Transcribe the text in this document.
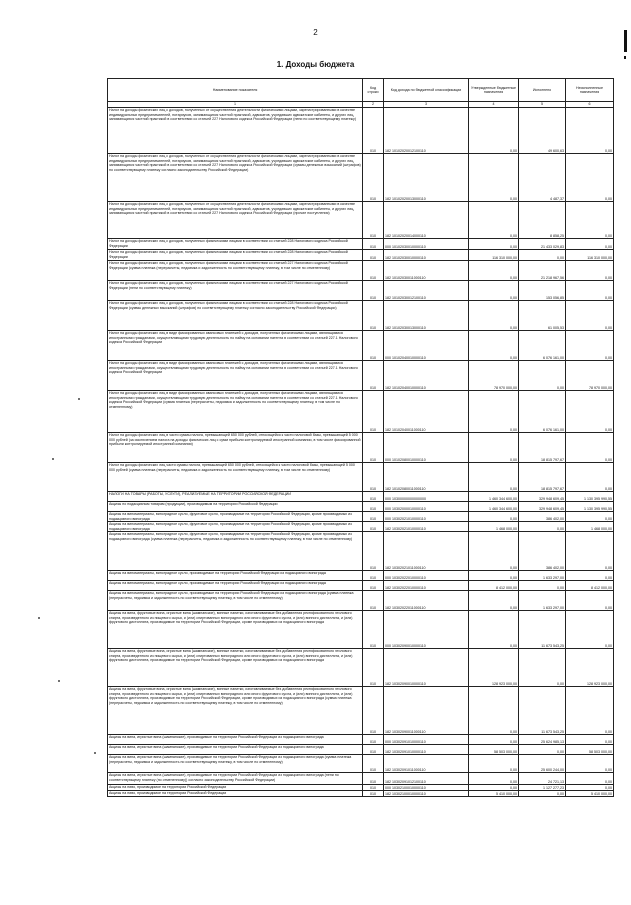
2
1. Доходы бюджета
Наименование показателя	Код строки	Код дохода по бюджетной классификации	Утвержденные бюджетные назначения	Исполнено	Неисполненные назначения
1	2	3	4	5	6
Налог на доходы физических лиц с доходов, полученных от осуществления деятельности физическими лицами, зарегистрированными в качестве индивидуальных предпринимателей, нотариусов, занимающихся частной практикой, адвокатов, учредивших адвокатские кабинеты, и других лиц, занимающихся частной практикой в соответствии со статьей 227 Налогового кодекса Российской Федерации (пени по соответствующему платежу)	010	182 10102020012100110	0,00	49 600,63	0,00
Налог на доходы физических лиц с доходов, полученных от осуществления деятельности физическими лицами, зарегистрированными в качестве индивидуальных предпринимателей, нотариусов, занимающихся частной практикой, адвокатов, учредивших адвокатские кабинеты, и других лиц, занимающихся частной практикой в соответствии со статьей 227 Налогового кодекса Российской Федерации (суммы денежных взысканий (штрафов) по соответствующему платежу согласно законодательству Российской Федерации)	010	182 10102020013000110	0,00	4 487,37	0,00
Налог на доходы физических лиц с доходов, полученных от осуществления деятельности физическими лицами, зарегистрированными в качестве индивидуальных предпринимателей, нотариусов, занимающихся частной практикой, адвокатов, учредивших адвокатские кабинеты, и других лиц, занимающихся частной практикой в соответствии со статьей 227 Налогового кодекса Российской Федерации (прочие поступления)	010	182 10102020014000110	0,00	8 858,25	0,00
Налог на доходы физических лиц с доходов, полученных физическими лицами в соответствии со статьей 228 Налогового кодекса Российской Федерации	010	000 10102030010000110	0,00	21 433 029,83	0,00
Налог на доходы физических лиц с доходов, полученных физическими лицами в соответствии со статьей 228 Налогового кодекса Российской Федерации	010	182 10102030010000110	116 310 000,00	0,00	116 310 000,00
Налог на доходы физических лиц с доходов, полученных физическими лицами в соответствии со статьей 227 Налогового кодекса Российской Федерации (сумма платежа (перерасчеты, недоимка и задолженность по соответствующему платежу, в том числе по отмененному)	010	182 10102030011000110	0,00	21 218 967,56	0,00
Налог на доходы физических лиц с доходов, полученных физическими лицами в соответствии со статьей 227 Налогового кодекса Российской Федерации (пени по соответствующему платежу)	010	182 10102030012100110	0,00	153 056,85	0,00
Налог на доходы физических лиц с доходов, полученных физическими лицами в соответствии со статьей 228 Налогового кодекса Российской Федерации (суммы денежных взысканий (штрафов) по соответствующему платежу согласно законодательству Российской Федерации)	010	182 10102030013000110	0,00	61 005,53	0,00
Налог на доходы физических лиц в виде фиксированных авансовых платежей с доходов, полученных физическими лицами, являющимися иностранными гражданами, осуществляющими трудовую деятельность по найму на основании патента в соответствии со статьей 227.1 Налогового кодекса Российской Федерации	010	000 10102040010000110	0,00	6 076 161,00	0,00
Налог на доходы физических лиц в виде фиксированных авансовых платежей с доходов, полученных физическими лицами, являющимися иностранными гражданами, осуществляющими трудовую деятельность по найму на основании патента в соответствии со статьей 227.1 Налогового кодекса Российской Федерации	010	182 10102040010000110	78 970 000,00	0,00	78 970 000,00
Налог на доходы физических лиц в виде фиксированных авансовых платежей с доходов, полученных физическими лицами, являющимися иностранными гражданами, осуществляющими трудовую деятельность по найму на основании патента в соответствии со статьей 227.1 Налогового кодекса Российской Федерации (сумма платежа (перерасчеты, недоимка и задолженность по соответствующему платежу, в том числе по отмененному)	010	182 10102040011000110	0,00	6 076 161,00	0,00
Налог на доходы физических лиц в части суммы налога, превышающей 650 000 рублей, относящейся к части налоговой базы, превышающей 5 000 000 рублей (за исключением налога на доходы физических лиц с сумм прибыли контролируемой иностранной компании, в том числе фиксированной прибыли контролируемой иностранной компании)	010	000 10102080010000110	0,00	18 815 797,67	0,00
Налог на доходы физических лиц части суммы налога, превышающей 650 000 рублей, относящейся к части налоговой базы, превышающей 5 000 000 рублей (сумма платежа (перерасчеты, недоимка и задолженность по соответствующему платежу, в том числе по отмененному)	010	182 10102080011000110	0,00	18 815 797,67	0,00
НАЛОГИ НА ТОВАРЫ (РАБОТЫ, УСЛУГИ), РЕАЛИЗУЕМЫЕ НА ТЕРРИТОРИИ РОССИЙСКОЙ ФЕДЕРАЦИИ	010	000 10300000000000000	1 460 344 600,00	329 948 609,45	1 130 395 990,55
Акцизы по подакцизным товарам (продукции), производимым на территории Российской Федерации	010	000 10302000010000110	1 460 344 600,00	329 948 609,45	1 130 395 990,55
Акцизы на виноматериалы, виноградное сусло, фруктовое сусло, производимые на территории Российской Федерации, кроме производимых из подакцизного винограда	010	000 10302021010000110	0,00	386 402,00	0,00
Акцизы на виноматериалы, виноградное сусло, фруктовое сусло, производимые на территории Российской Федерации, кроме производимых из подакцизного винограда	010	182 10302021010000110	1 468 000,00	0,00	1 468 000,00
Акцизы на виноматериалы, виноградное сусло, фруктовое сусло, производимые на территории Российской Федерации, кроме производимых из подакцизного винограда (сумма платежа (перерасчеты, недоимка и задолженность по соответствующему платежу, в том числе по отмененному)	010	182 10302021011000110	0,00	386 402,00	0,00
Акцизы на виноматериалы, виноградное сусло, производимые на территории Российской Федерации из подакцизного винограда	010	000 10302022010000110	0,00	1 633 297,00	0,00
Акцизы на виноматериалы, виноградное сусло, производимые на территории Российской Федерации из подакцизного винограда	010	182 10302022010000110	8 412 000,00	0,00	8 412 000,00
Акцизы на виноматериалы, виноградное сусло, производимые на территории Российской Федерации из подакцизного винограда (сумма платежа (перерасчеты, недоимка и задолженность по соответствующему платежу, в том числе по отмененному)	010	182 10302022011000110	0,00	1 633 297,00	0,00
Акцизы на вина, фруктовые вина, игристые вина (шампанские), винные напитки, изготавливаемые без добавления ректификованного этилового спирта, произведенного из пищевого сырья, и (или) спиртованных виноградного или иного фруктового сусла, и (или) винного дистиллята, и (или) фруктового дистиллята, производимые на территории Российской Федерации, кроме производимых из подакцизного винограда	010	000 10302090010000110	0,00	11 673 543,25	0,00
Акцизы на вина, фруктовые вина, игристые вина (шампанские), винные напитки, изготавливаемые без добавления ректификованного этилового спирта, произведенного из пищевого сырья, и (или) спиртованных виноградного или иного фруктового сусла, и (или) винного дистиллята, и (или) фруктового дистиллята, производимые на территории Российской Федерации, кроме производимых из подакцизного винограда	010	182 10302090010000110	128 923 000,00	0,00	128 923 000,00
Акцизы на вина, фруктовые вина, игристые вина (шампанские), винные напитки, изготавливаемые без добавления ректификованного этилового спирта, произведенного из пищевого сырья, и (или) спиртованных виноградного или иного фруктового сусла, и (или) винного дистиллята, и (или) фруктового дистиллята, производимые на территории Российской Федерации, кроме производимых из подакцизного винограда (сумма платежа (перерасчеты, недоимка и задолженность по соответствующему платежу, в том числе по отмененному)	010	182 10302090011000110	0,00	11 673 543,25	0,00
Акцизы на вина, игристые вина (шампанские), производимые на территории Российской Федерации из подакцизного винограда	010	000 10302091010000110	0,00	25 624 985,13	0,00
Акцизы на вина, игристые вина (шампанские), производимые на территории Российской Федерации из подакцизного винограда	010	182 10302091010000110	58 503 000,00	0,00	58 503 000,00
Акцизы на вина, игристые вина (шампанские), производимые на территории Российской Федерации из подакцизного винограда (сумма платежа (перерасчеты, недоимка и задолженность по соответствующему платежу, в том числе по отмененному)	010	182 10302091011000110	0,00	25 600 244,00	0,00
Акцизы на вина, игристые вина (шампанские), производимые на территории Российской Федерации из подакцизного винограда (пени по соответствующему платежу (по отмененному)) согласно законодательству Российской Федерации)	010	182 10302091012100110	0,00	24 721,13	0,00
Акцизы на пиво, производимое на территории Российской Федерации	010	000 10302100010000110	0,00	1 127 277,23	0,00
Акцизы на пиво, производимое на территории Российской Федерации	010	182 10302100010000110	5 410 000,00	0,00	5 410 000,00
